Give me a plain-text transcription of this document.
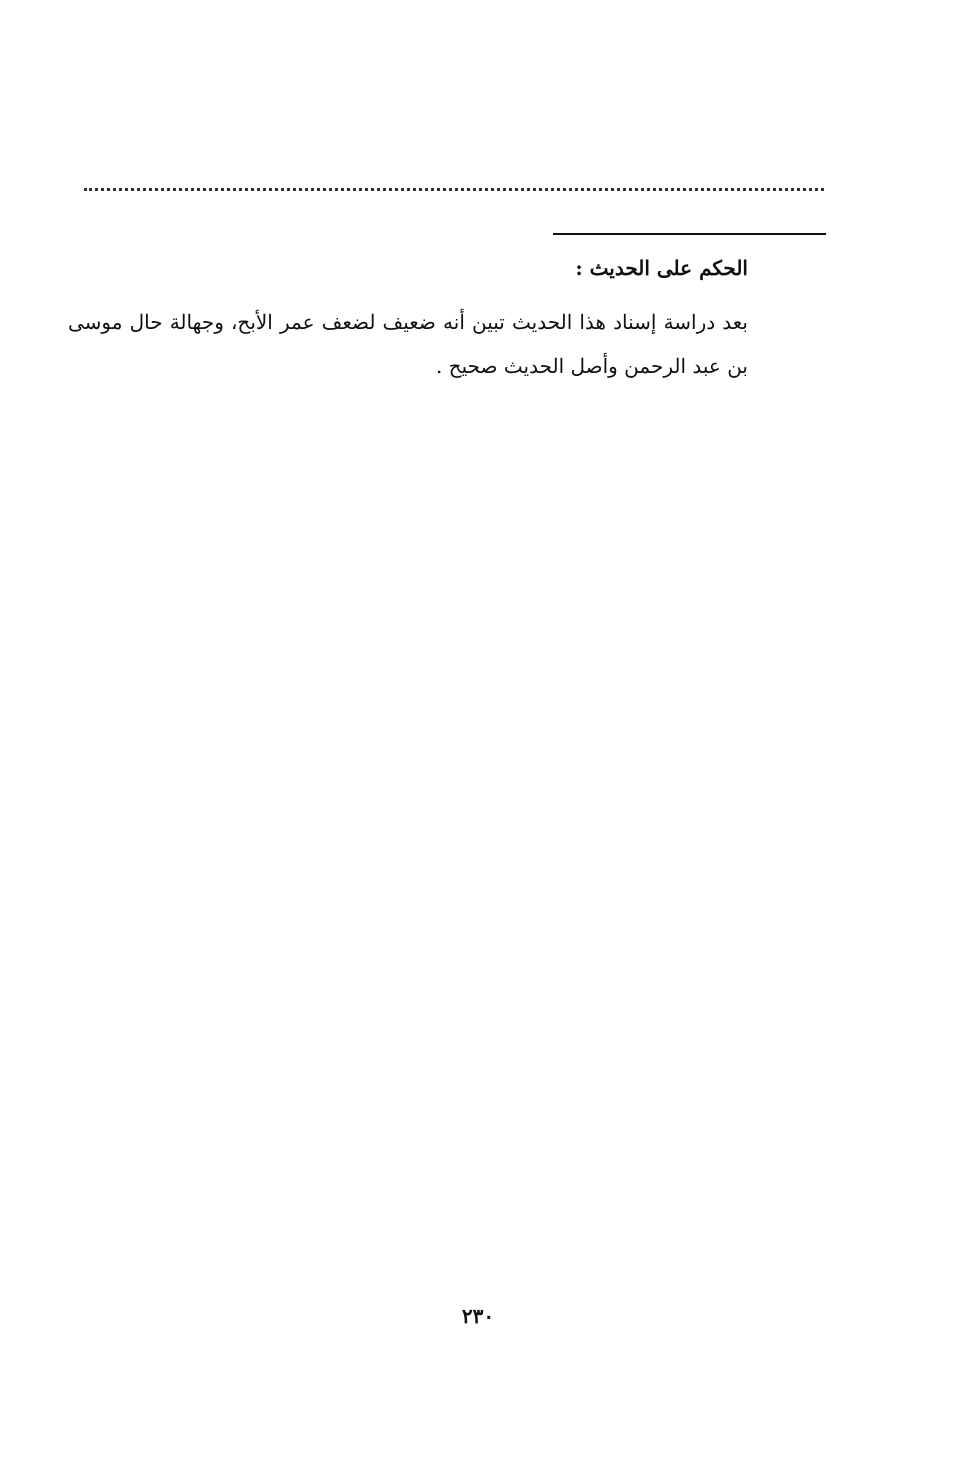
الحكم على الحديث :
بعد دراسة إسناد هذا الحديث تبين أنه ضعيف لضعف عمر الأبح، وجهالة حال موسى بن عبد الرحمن وأصل الحديث صحيح .
٢٣٠
